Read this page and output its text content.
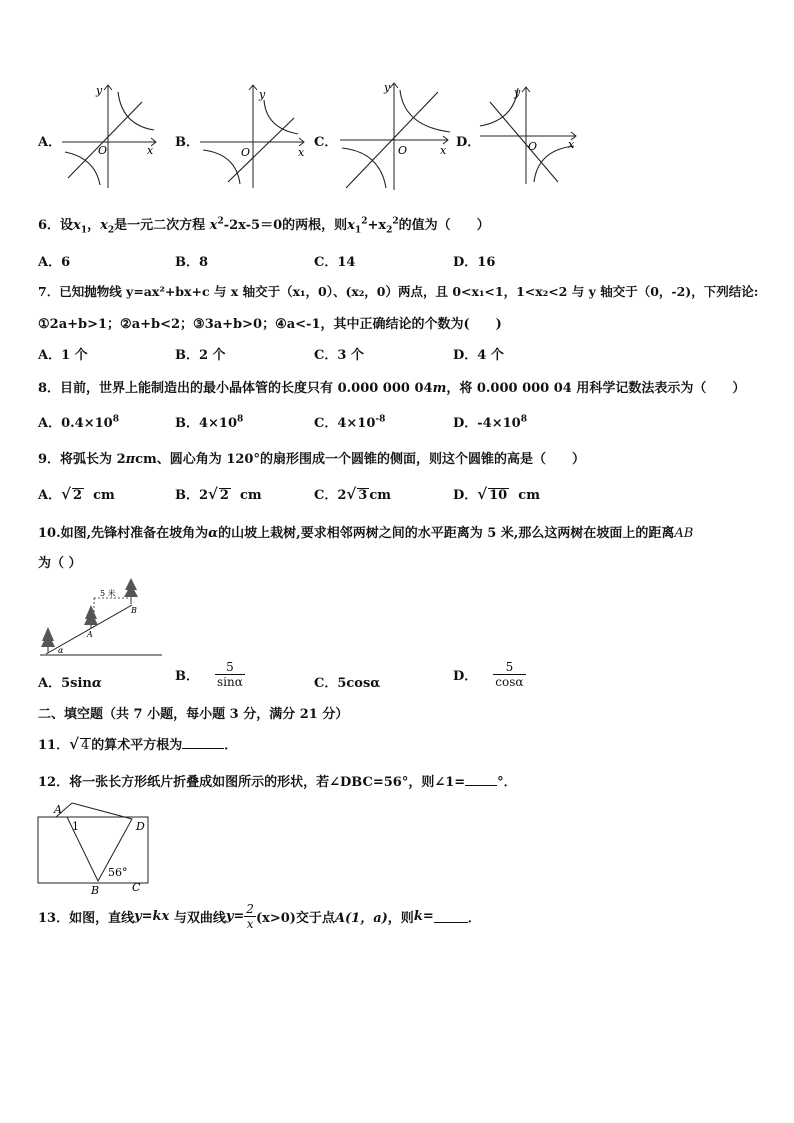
A．
y
x
O
B．
y
x
O
C．
y
x
O
D．
y
x
O
6．设$x_1$，$x_2$是一元二次方程 $x^2-2x-5=0$的两根，则$x_1^2+x_2^2$的值为（　　）
A．6	B．8	C．14	D．16
7．已知抛物线 y=ax²+bx+c 与 x 轴交于（x₁，0）、(x₂，0）两点，且 0<x₁<1，1<x₂<2 与 y 轴交于（0，-2)，下列结论:
①2a+b>1；②a+b<2；③3a+b>0；④a<-1，其中正确结论的个数为(　　)
A．1 个	B．2 个	C．3 个	D．4 个
8．目前，世界上能制造出的最小晶体管的长度只有 0.000 000 04m，将 0.000 000 04 用科学记数法表示为（　　）
A．$0.4\times 10^8$	B．$4\times 10^8$	C．$4\times 10^{-8}$	D．$-4\times 10^8$
9．将弧长为 2πcm、圆心角为 120°的扇形围成一个圆锥的侧面，则这个圆锥的高是（　　）
A．√ 2 cm	B．2√ 2 cm	C．2√ 3 cm	D．√ 10 cm
10.如图,先锋村准备在坡角为α的山坡上栽树,要求相邻两树之间的水平距离为 5 米,那么这两树在坡面上的距离AB
为（ ）
5 米
A
B
α
A．5sinα	B． $\frac{5}{\sin\alpha}$	C．5cosα	D． $\frac{5}{\cos\alpha}$
二、填空题（共 7 小题，每小题 3 分，满分 21 分）
11．√ 4 的算术平方根为	．
12．将一张长方形纸片折叠成如图所示的形状，若∠DBC=56°，则∠1= °．
A
1	D
B	C
56°
13．如图，直线y=kx 与双曲线$y= \frac{2}{x} (x>0)$交于点A(1，a)，则k=	．
